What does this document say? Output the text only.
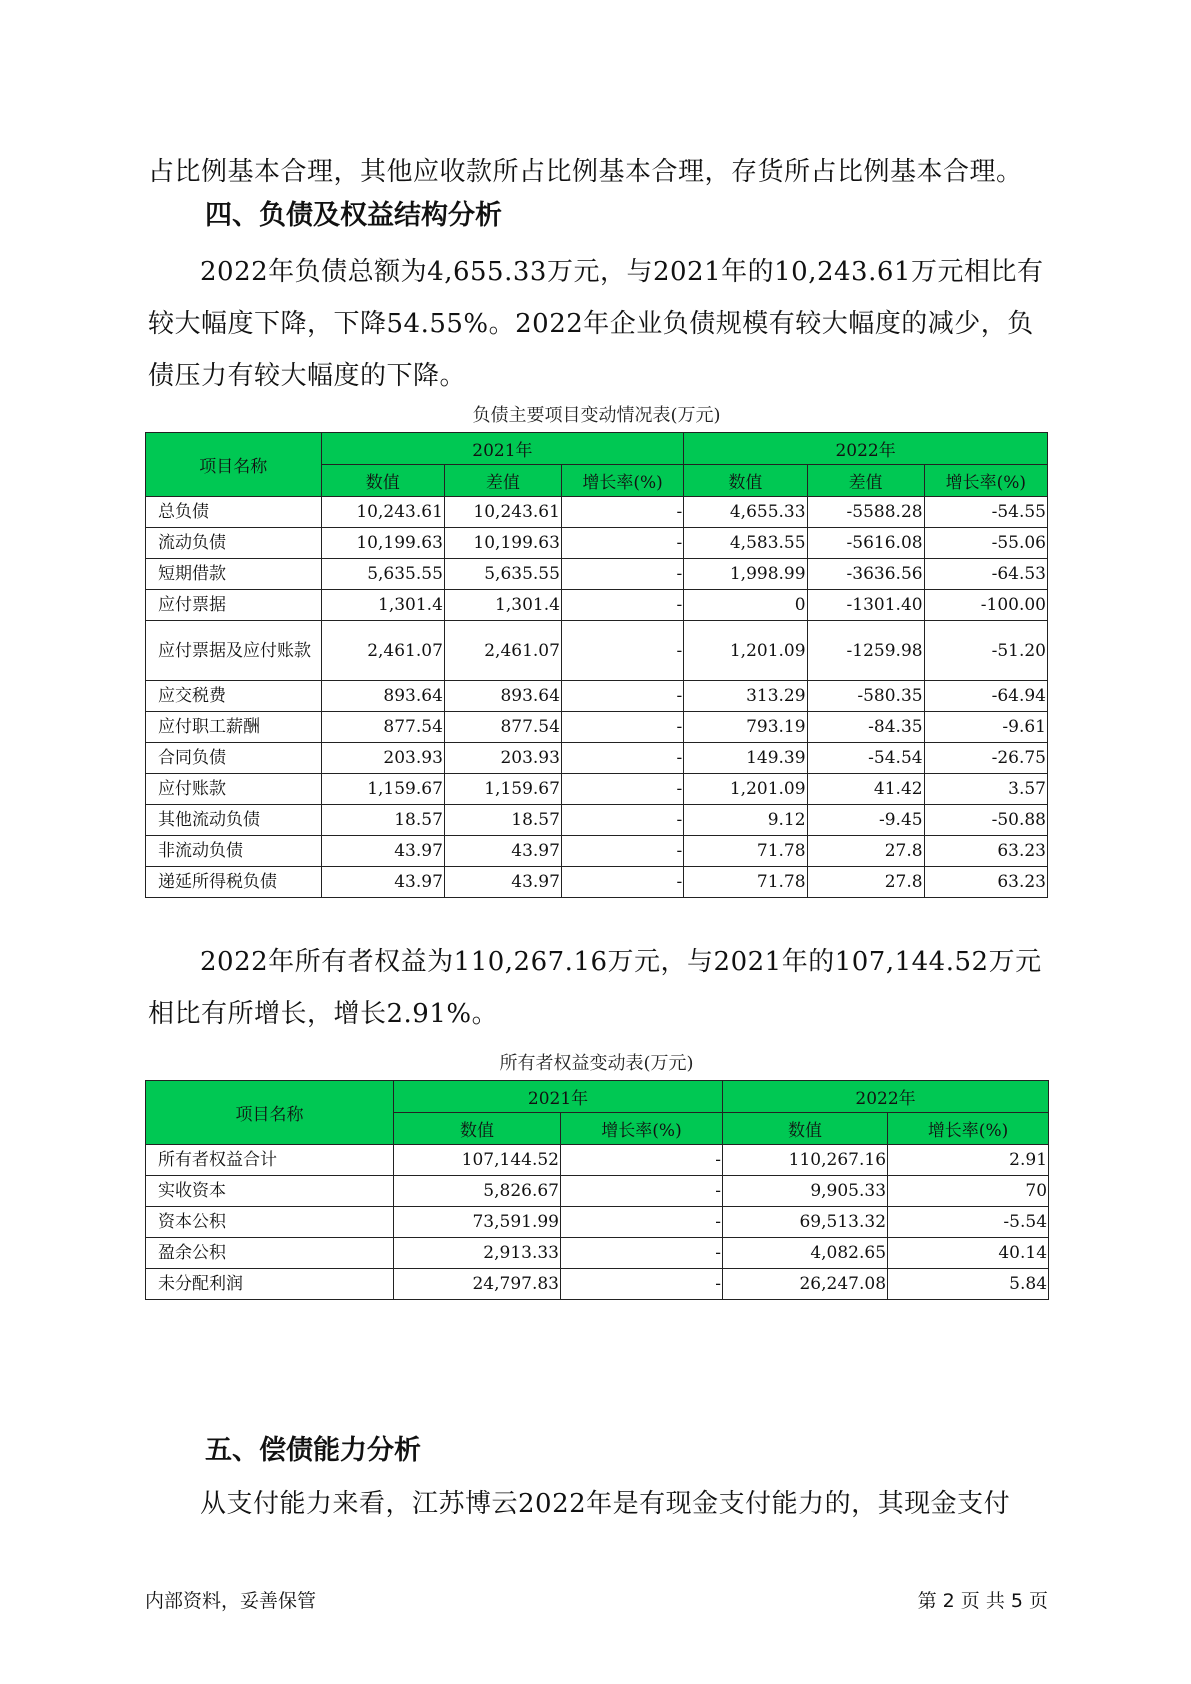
占比例基本合理，其他应收款所占比例基本合理，存货所占比例基本合理。

四、负债及权益结构分析

2022年负债总额为4,655.33万元，与2021年的10,243.61万元相比有较大幅度下降，下降54.55%。2022年企业负债规模有较大幅度的减少，负债压力有较大幅度的下降。

负债主要项目变动情况表(万元)
项目名称	2021年			2022年		
	数值	差值	增长率(%)	数值	差值	增长率(%)
总负债	10,243.61	10,243.61	-	4,655.33	-5588.28	-54.55
流动负债	10,199.63	10,199.63	-	4,583.55	-5616.08	-55.06
短期借款	5,635.55	5,635.55	-	1,998.99	-3636.56	-64.53
应付票据	1,301.4	1,301.4	-	0	-1301.40	-100.00
应付票据及应付账款	2,461.07	2,461.07	-	1,201.09	-1259.98	-51.20
应交税费	893.64	893.64	-	313.29	-580.35	-64.94
应付职工薪酬	877.54	877.54	-	793.19	-84.35	-9.61
合同负债	203.93	203.93	-	149.39	-54.54	-26.75
应付账款	1,159.67	1,159.67	-	1,201.09	41.42	3.57
其他流动负债	18.57	18.57	-	9.12	-9.45	-50.88
非流动负债	43.97	43.97	-	71.78	27.8	63.23
递延所得税负债	43.97	43.97	-	71.78	27.8	63.23

2022年所有者权益为110,267.16万元，与2021年的107,144.52万元相比有所增长，增长2.91%。

所有者权益变动表(万元)
项目名称	2021年		2022年	
	数值	增长率(%)	数值	增长率(%)
所有者权益合计	107,144.52	-	110,267.16	2.91
实收资本	5,826.67	-	9,905.33	70
资本公积	73,591.99	-	69,513.32	-5.54
盈余公积	2,913.33	-	4,082.65	40.14
未分配利润	24,797.83	-	26,247.08	5.84
五、偿债能力分析

从支付能力来看，江苏博云2022年是有现金支付能力的，其现金支付

内部资料，妥善保管	第 2 页 共 5 页
